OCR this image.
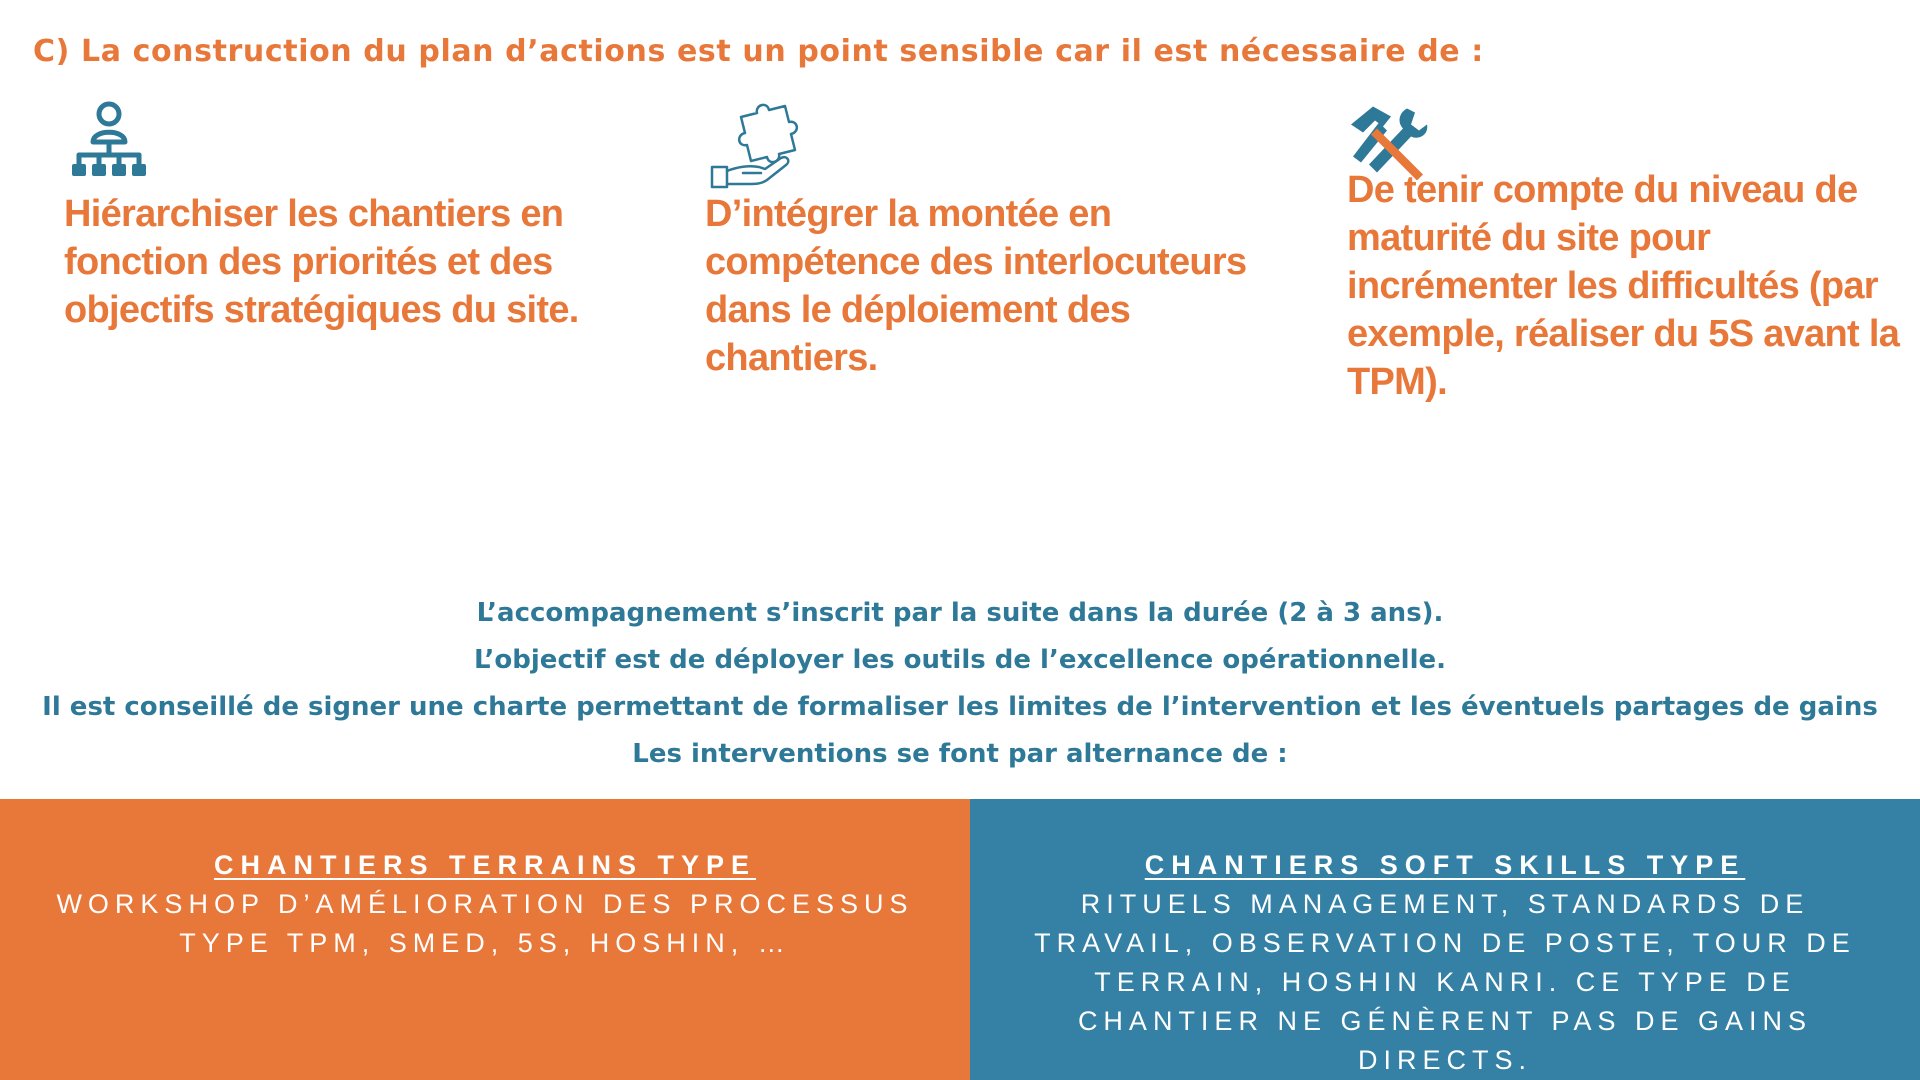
C) La construction du plan d’actions est un point sensible car il est nécessaire de :

Hiérarchiser les chantiers en fonction des priorités et des objectifs stratégiques du site.

D’intégrer la montée en compétence des interlocuteurs dans le déploiement des chantiers.

De tenir compte du niveau de maturité du site pour incrémenter les difficultés (par exemple, réaliser du 5S avant la TPM).

L’accompagnement s’inscrit par la suite dans la durée (2 à 3 ans).

L’objectif est de déployer les outils de l’excellence opérationnelle.

Il est conseillé de signer une charte permettant de formaliser les limites de l’intervention et les éventuels partages de gains

Les interventions se font par alternance de :

CHANTIERS TERRAINS TYPE
WORKSHOP D’AMÉLIORATION DES PROCESSUS TYPE TPM, SMED, 5S, HOSHIN, …
CHANTIERS SOFT SKILLS TYPE
RITUELS MANAGEMENT, STANDARDS DE TRAVAIL, OBSERVATION DE POSTE, TOUR DE TERRAIN, HOSHIN KANRI. CE TYPE DE CHANTIER NE GÉNÈRENT PAS DE GAINS DIRECTS.
